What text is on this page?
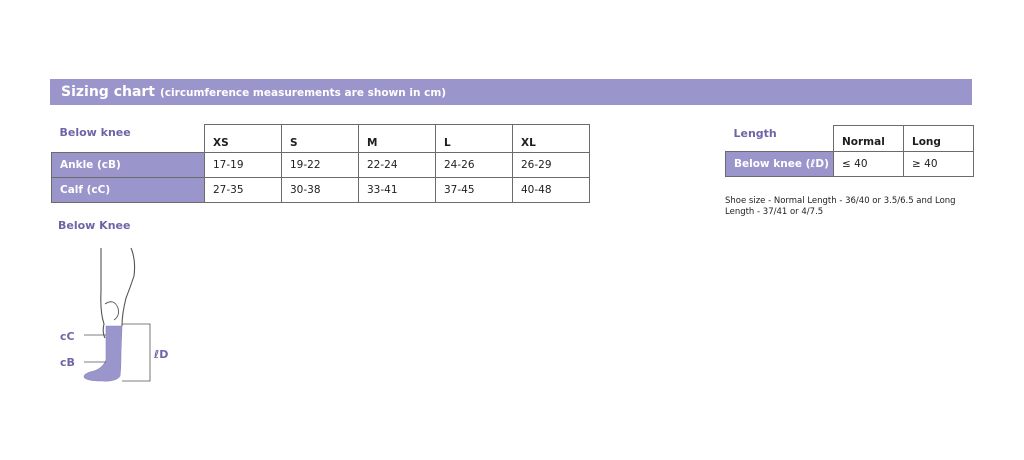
Sizing chart (circumference measurements are shown in cm)
Below knee	XS	S	M	L	XL
Ankle (cB)	17-19	19-22	22-24	24-26	26-29
Calf (cC)	27-35	30-38	33-41	37-45	40-48
Length	Normal	Long
Below knee (ℓD)	≤ 40	≥ 40
Shoe size - Normal Length - 36/40 or 3.5/6.5 and Long Length - 37/41 or 4/7.5
Below Knee
cC
cB
ℓD
